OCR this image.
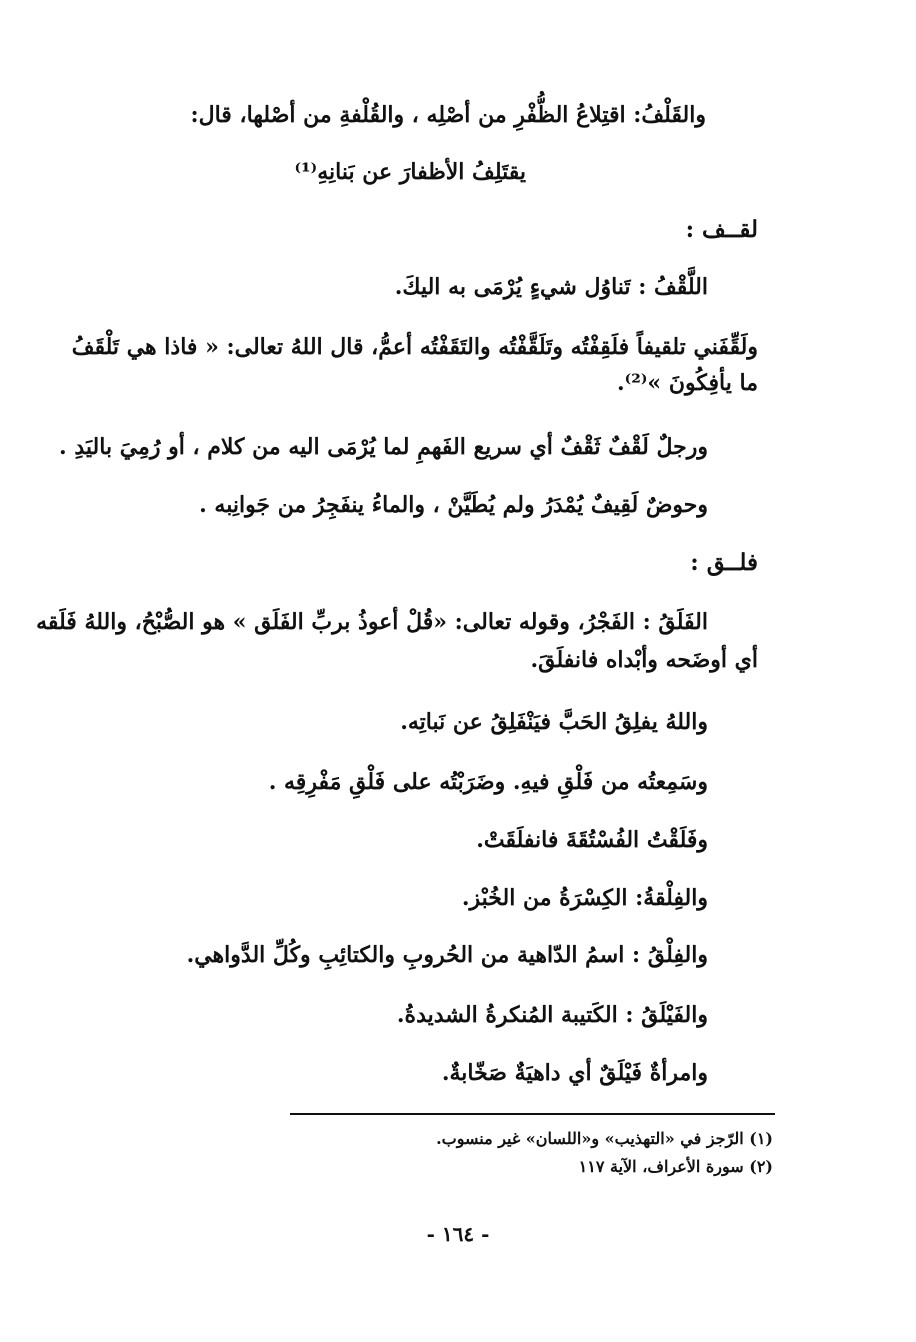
والقَلْفُ: اقتِلاعُ الظُّفْرِ من أصْلِه ، والقُلْفةِ من أصْلها، قال:
يقتَلِفُ الأظفارَ عن بَنانِهِ⁽¹⁾
لقــف :
اللَّقْفُ : تَناوُل شيءٍ يُرْمَى به اليكَ.
ولَقِّفَني تلقيفاً فلَقِفْتُه وتَلَقَّفْتُه والتَقَفْتُه أعمُّ، قال اللهُ تعالى: « فاذا هي تَلْقَفُ
ما يأفِكُونَ »⁽²⁾.
ورجلٌ لَقْفٌ ثَقْفٌ أي سريع الفَهمِ لما يُرْمَى اليه من كلام ، أو رُمِيَ باليَدِ .
وحوضٌ لَقِيفٌ يُمْدَرُ ولم يُطَيَّنْ ، والماءُ ينفَجِرُ من جَوانِبه .
فلــق :
الفَلَقُ : الفَجْرُ، وقوله تعالى: «قُلْ أعوذُ بربِّ الفَلَق » هو الصُّبْحُ، واللهُ فَلَقه
أي أوضَحه وأبْداه فانفلَقَ.
واللهُ يفلِقُ الحَبَّ فيَنْفَلِقُ عن نَباتِه.
وسَمِعتُه من فَلْقِ فيهِ. وضَرَبْتُه على فَلْقِ مَفْرِقِه .
وفَلَقْتُ الفُسْتُقَةَ فانفلَقَتْ.
والفِلْقةُ: الكِسْرَةُ من الخُبْز.
والفِلْقُ : اسمُ الدّاهية من الحُروبِ والكتائِبِ وكُلِّ الدَّواهي.
والفَيْلَقُ : الكَتيبة المُنكرةُ الشديدةُ.
وامرأةٌ فَيْلَقٌ أي داهيَةٌ صَخّابةٌ.
(١) الرّجز في «التهذيب» و«اللسان» غير منسوب.
(٢) سورة الأعراف، الآية ١١٧
- ١٦٤ -
